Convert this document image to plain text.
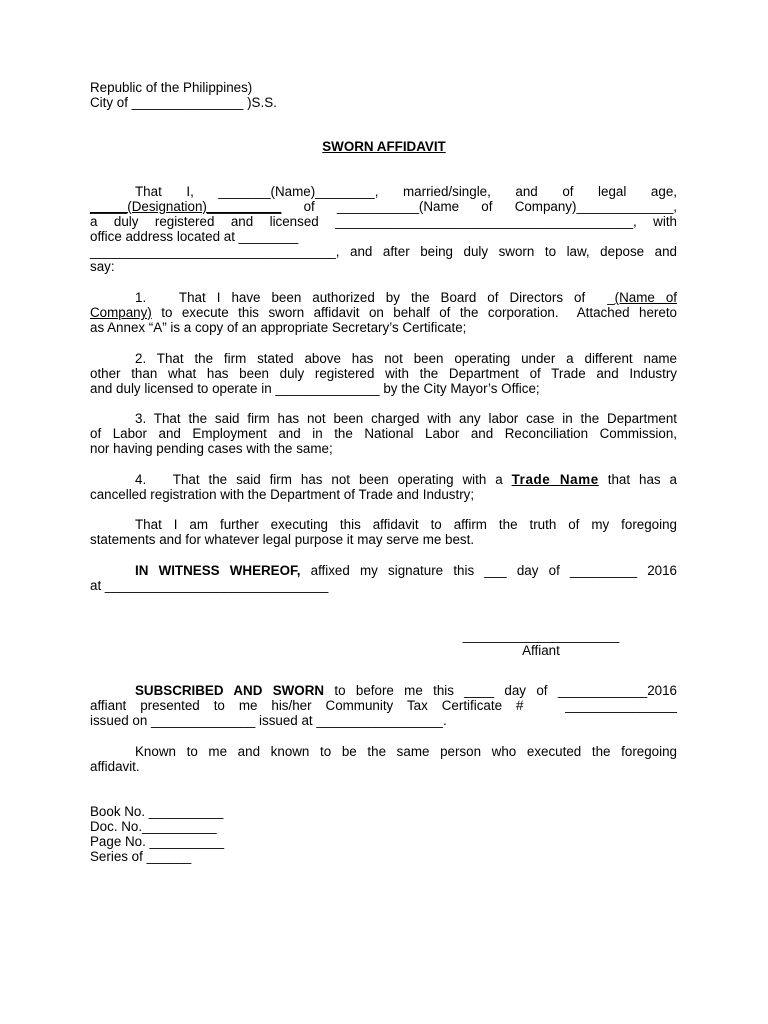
Republic of the Philippines)
City of _______________ )S.S.
SWORN AFFIDAVIT
That  I,  _______(Name)________,  married/single,  and  of  legal  age,
_____(Designation)__________ of ___________(Name of Company)_____________,
a  duly  registered  and  licensed  ________________________________________,  with
office address located at ________
_________________________________, and after being duly sworn to law, depose and
say:
1.   That I have been authorized by the Board of Directors of  _(Name of
Company) to execute this sworn affidavit on behalf of the corporation.  Attached hereto
as Annex “A” is a copy of an appropriate Secretary’s Certificate;
2. That the firm stated above has not been operating under a different name
other than what has been duly registered with the Department of Trade and Industry
and duly licensed to operate in ______________ by the City Mayor’s Office;
3. That the said firm has not been charged with any labor case in the Department
of Labor and Employment and in the National Labor and Reconciliation Commission,
nor having pending cases with the same;
4.   That the said firm has not been operating with a Trade Name that has a
cancelled registration with the Department of Trade and Industry;
That I am further executing this affidavit to affirm the truth of my foregoing
statements and for whatever legal purpose it may serve me best.
IN WITNESS WHEREOF, affixed my signature this ___ day of _________ 2016
at ______________________________
_____________________
Affiant
SUBSCRIBED AND SWORN to before me this ____ day of ____________2016
affiant presented to me his/her Community Tax Certificate #   _______________
issued on ______________ issued at _________________.
Known to me and known to be the same person who executed the foregoing
affidavit.
Book No. __________
Doc. No.__________
Page No. __________
Series of ______
